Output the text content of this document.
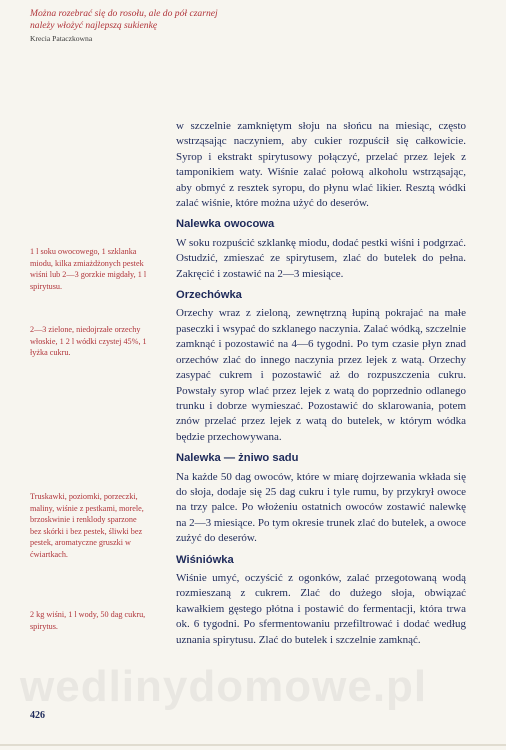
Można rozebrać się do rosołu, ale do pół czarnej
należy włożyć najlepszą sukienkę
Krecia Pataczkowna

w szczelnie zamkniętym słoju na słońcu na miesiąc, często wstrząsając naczyniem, aby cukier rozpuścił się całkowicie. Syrop i ekstrakt spirytusowy połączyć, przelać przez lejek z tamponikiem waty. Wiśnie zalać połową alkoholu wstrząsając, aby obmyć z resztek syropu, do płynu wlać likier. Resztą wódki zalać wiśnie, które można użyć do deserów.

Nalewka owocowa

W soku rozpuścić szklankę miodu, dodać pestki wiśni i podgrzać. Ostudzić, zmieszać ze spirytusem, zlać do butelek do pełna. Zakręcić i zostawić na 2—3 miesiące.

Orzechówka

Orzechy wraz z zieloną, zewnętrzną łupiną pokrajać na małe paseczki i wsypać do szklanego naczynia. Zalać wódką, szczelnie zamknąć i pozostawić na 4—6 tygodni. Po tym czasie płyn znad orzechów zlać do innego naczynia przez lejek z watą. Orzechy zasypać cukrem i pozostawić aż do rozpuszczenia cukru. Powstały syrop wlać przez lejek z watą do poprzednio odlanego trunku i dobrze wymieszać. Pozostawić do sklarowania, potem znów przelać przez lejek z watą do butelek, w którym wódka będzie przechowywana.

Nalewka — żniwo sadu

Na każde 50 dag owoców, które w miarę dojrzewania wkłada się do słoja, dodaje się 25 dag cukru i tyle rumu, by przykrył owoce na trzy palce. Po włożeniu ostatnich owoców zostawić nalewkę na 2—3 miesiące. Po tym okresie trunek zlać do butelek, a owoce zużyć do deserów.

Wiśniówka

Wiśnie umyć, oczyścić z ogonków, zalać przegotowaną wodą rozmieszaną z cukrem. Zlać do dużego słoja, obwiązać kawałkiem gęstego płótna i postawić do fermentacji, która trwa ok. 6 tygodni. Po sfermentowaniu przefiltrować i dodać według uznania spirytusu. Zlać do butelek i szczelnie zamknąć.

1 l soku owocowego, 1 szklanka miodu, kilka zmiażdżonych pestek wiśni lub 2—3 gorzkie migdały, 1 l spirytusu.
2—3 zielone, niedojrzałe orzechy włoskie, 1 2 l wódki czystej 45%, 1 łyżka cukru.
Truskawki, poziomki, porzeczki, maliny, wiśnie z pestkami, morele, brzoskwinie i renklody sparzone bez skórki i bez pestek, śliwki bez pestek, aromatyczne gruszki w ćwiartkach.
2 kg wiśni, 1 l wody, 50 dag cukru, spirytus.
wedlinydomowe.pl
426
